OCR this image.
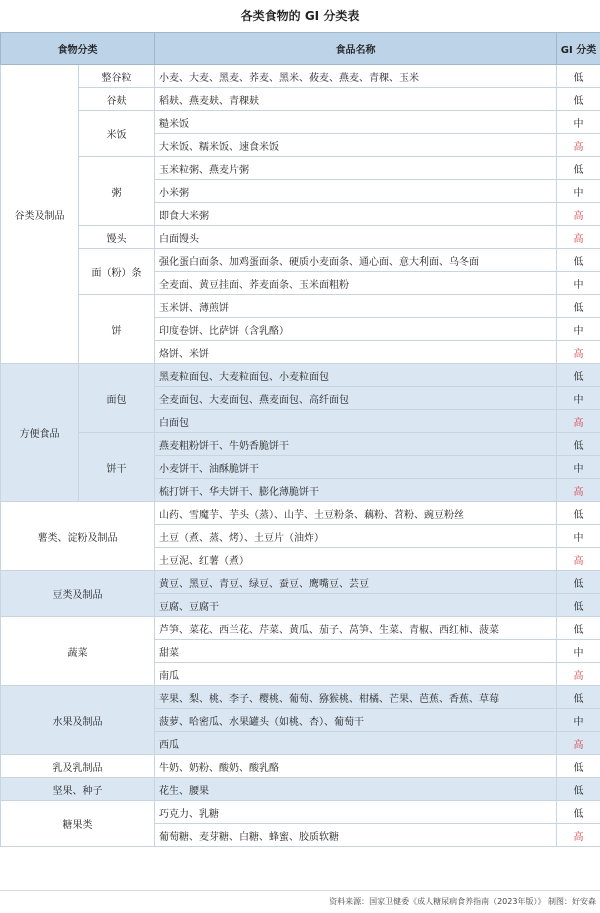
各类食物的 GI 分类表
食物分类		食品名称	GI 分类
谷类及制品	整谷粒	小麦、大麦、黑麦、荞麦、黑米、莜麦、燕麦、青稞、玉米	低
	谷麸	稻麸、燕麦麸、青稞麸	低
	米饭	糙米饭	中
		大米饭、糯米饭、速食米饭	高
	粥	玉米粒粥、燕麦片粥	低
		小米粥	中
		即食大米粥	高
	馒头	白面馒头	高
	面（粉）条	强化蛋白面条、加鸡蛋面条、硬质小麦面条、通心面、意大利面、乌冬面	低
		全麦面、黄豆挂面、荞麦面条、玉米面粗粉	中
	饼	玉米饼、薄煎饼	低
		印度卷饼、比萨饼（含乳酪）	中
		烙饼、米饼	高
方便食品	面包	黑麦粒面包、大麦粒面包、小麦粒面包	低
		全麦面包、大麦面包、燕麦面包、高纤面包	中
		白面包	高
	饼干	燕麦粗粉饼干、牛奶香脆饼干	低
		小麦饼干、油酥脆饼干	中
		梳打饼干、华夫饼干、膨化薄脆饼干	高
薯类、淀粉及制品		山药、雪魔芋、芋头（蒸）、山芋、土豆粉条、藕粉、苕粉、豌豆粉丝	低
		土豆（煮、蒸、烤）、土豆片（油炸）	中
		土豆泥、红薯（煮）	高
豆类及制品		黄豆、黑豆、青豆、绿豆、蚕豆、鹰嘴豆、芸豆	低
		豆腐、豆腐干	低
蔬菜		芦笋、菜花、西兰花、芹菜、黄瓜、茄子、莴笋、生菜、青椒、西红柿、菠菜	低
		甜菜	中
		南瓜	高
水果及制品		苹果、梨、桃、李子、樱桃、葡萄、猕猴桃、柑橘、芒果、芭蕉、香蕉、草莓	低
		菠萝、哈密瓜、水果罐头（如桃、杏）、葡萄干	中
		西瓜	高
乳及乳制品		牛奶、奶粉、酸奶、酸乳酪	低
坚果、种子		花生、腰果	低
糖果类		巧克力、乳糖	低
		葡萄糖、麦芽糖、白糖、蜂蜜、胶质软糖	高
资料来源：国家卫健委《成人糖尿病食养指南（2023年版）》 制图：好安森
